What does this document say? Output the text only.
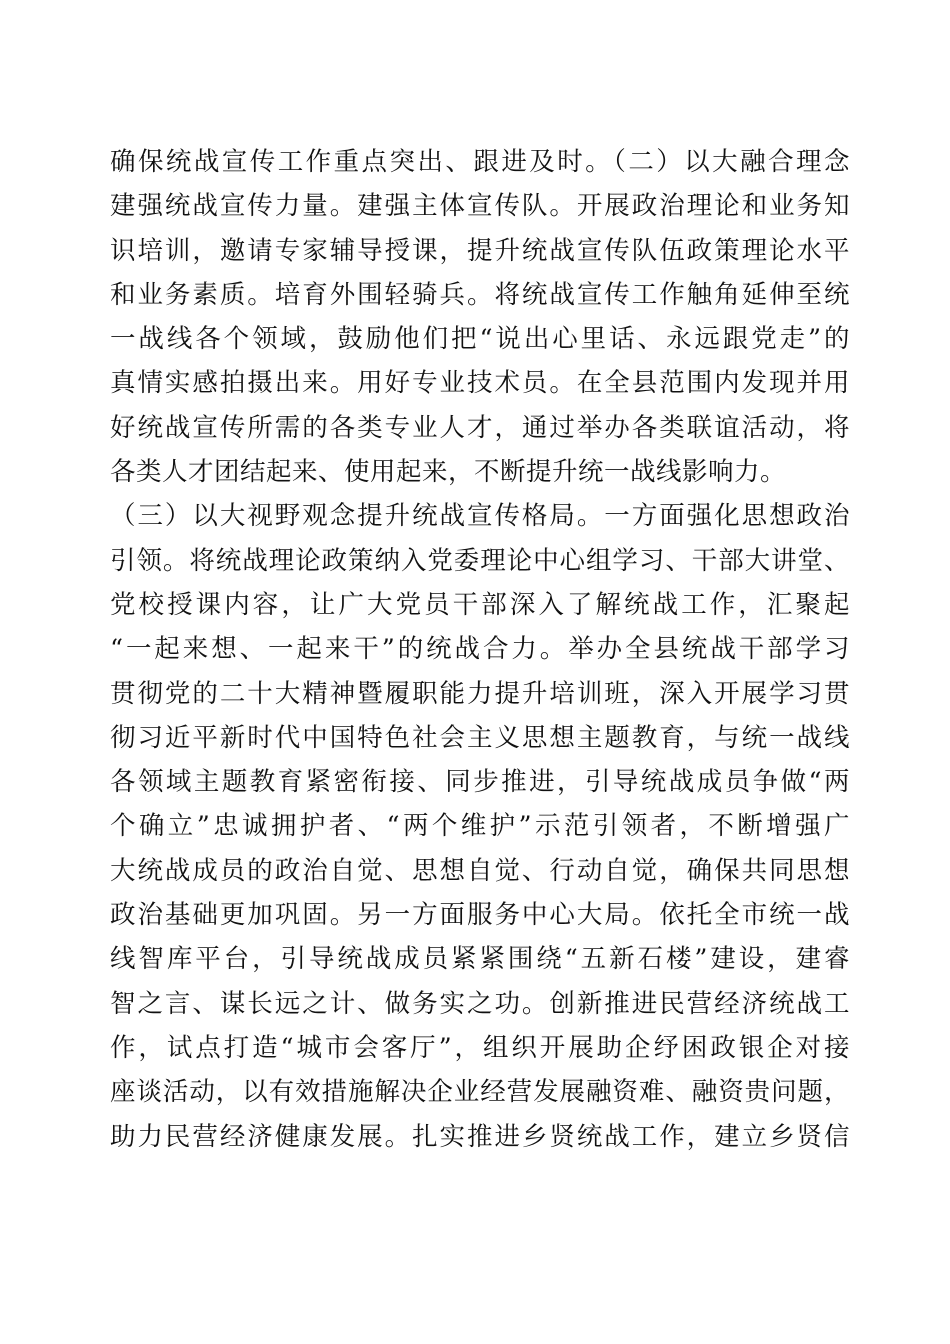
确保统战宣传工作重点突出、跟进及时。（二）以大融合理念
建强统战宣传力量。建强主体宣传队。开展政治理论和业务知
识培训，邀请专家辅导授课，提升统战宣传队伍政策理论水平
和业务素质。培育外围轻骑兵。将统战宣传工作触角延伸至统
一战线各个领域，鼓励他们把“说出心里话、永远跟党走”的
真情实感拍摄出来。用好专业技术员。在全县范围内发现并用
好统战宣传所需的各类专业人才，通过举办各类联谊活动，将
各类人才团结起来、使用起来，不断提升统一战线影响力。
（三）以大视野观念提升统战宣传格局。一方面强化思想政治
引领。将统战理论政策纳入党委理论中心组学习、干部大讲堂、
党校授课内容，让广大党员干部深入了解统战工作，汇聚起
“一起来想、一起来干”的统战合力。举办全县统战干部学习
贯彻党的二十大精神暨履职能力提升培训班，深入开展学习贯
彻习近平新时代中国特色社会主义思想主题教育，与统一战线
各领域主题教育紧密衔接、同步推进，引导统战成员争做“两
个确立”忠诚拥护者、“两个维护”示范引领者，不断增强广
大统战成员的政治自觉、思想自觉、行动自觉，确保共同思想
政治基础更加巩固。另一方面服务中心大局。依托全市统一战
线智库平台，引导统战成员紧紧围绕“五新石楼”建设，建睿
智之言、谋长远之计、做务实之功。创新推进民营经济统战工
作，试点打造“城市会客厅”，组织开展助企纾困政银企对接
座谈活动，以有效措施解决企业经营发展融资难、融资贵问题，
助力民营经济健康发展。扎实推进乡贤统战工作，建立乡贤信
